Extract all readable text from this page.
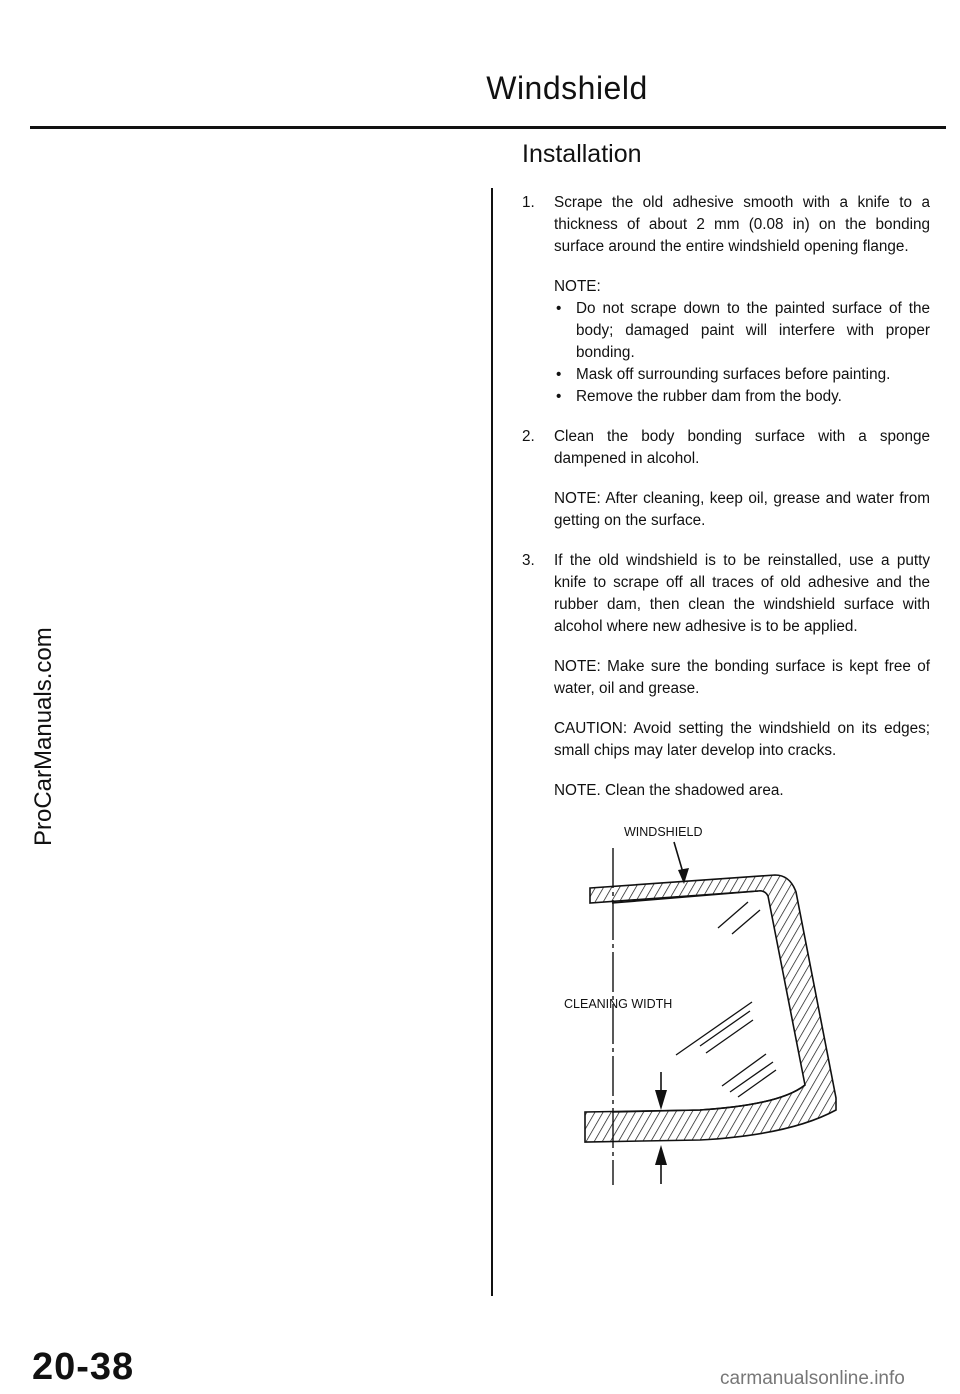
Windshield
Installation
ProCarManuals.com
1.	Scrape the old adhesive smooth with a knife to a thickness of about 2 mm (0.08 in) on the bonding surface around the entire windshield opening flange.
NOTE:
• Do not scrape down to the painted surface of the body; damaged paint will interfere with proper bonding.
• Mask off surrounding surfaces before painting.
• Remove the rubber dam from the body.
2.	Clean the body bonding surface with a sponge dampened in alcohol.
NOTE: After cleaning, keep oil, grease and water from getting on the surface.
3.	If the old windshield is to be reinstalled, use a putty knife to scrape off all traces of old adhesive and the rubber dam, then clean the windshield surface with alcohol where new adhesive is to be applied.
NOTE: Make sure the bonding surface is kept free of water, oil and grease.
CAUTION: Avoid setting the windshield on its edges; small chips may later develop into cracks.
NOTE. Clean the shadowed area.
WINDSHIELD
CLEANING WIDTH
20-38	carmanualsonline.info
